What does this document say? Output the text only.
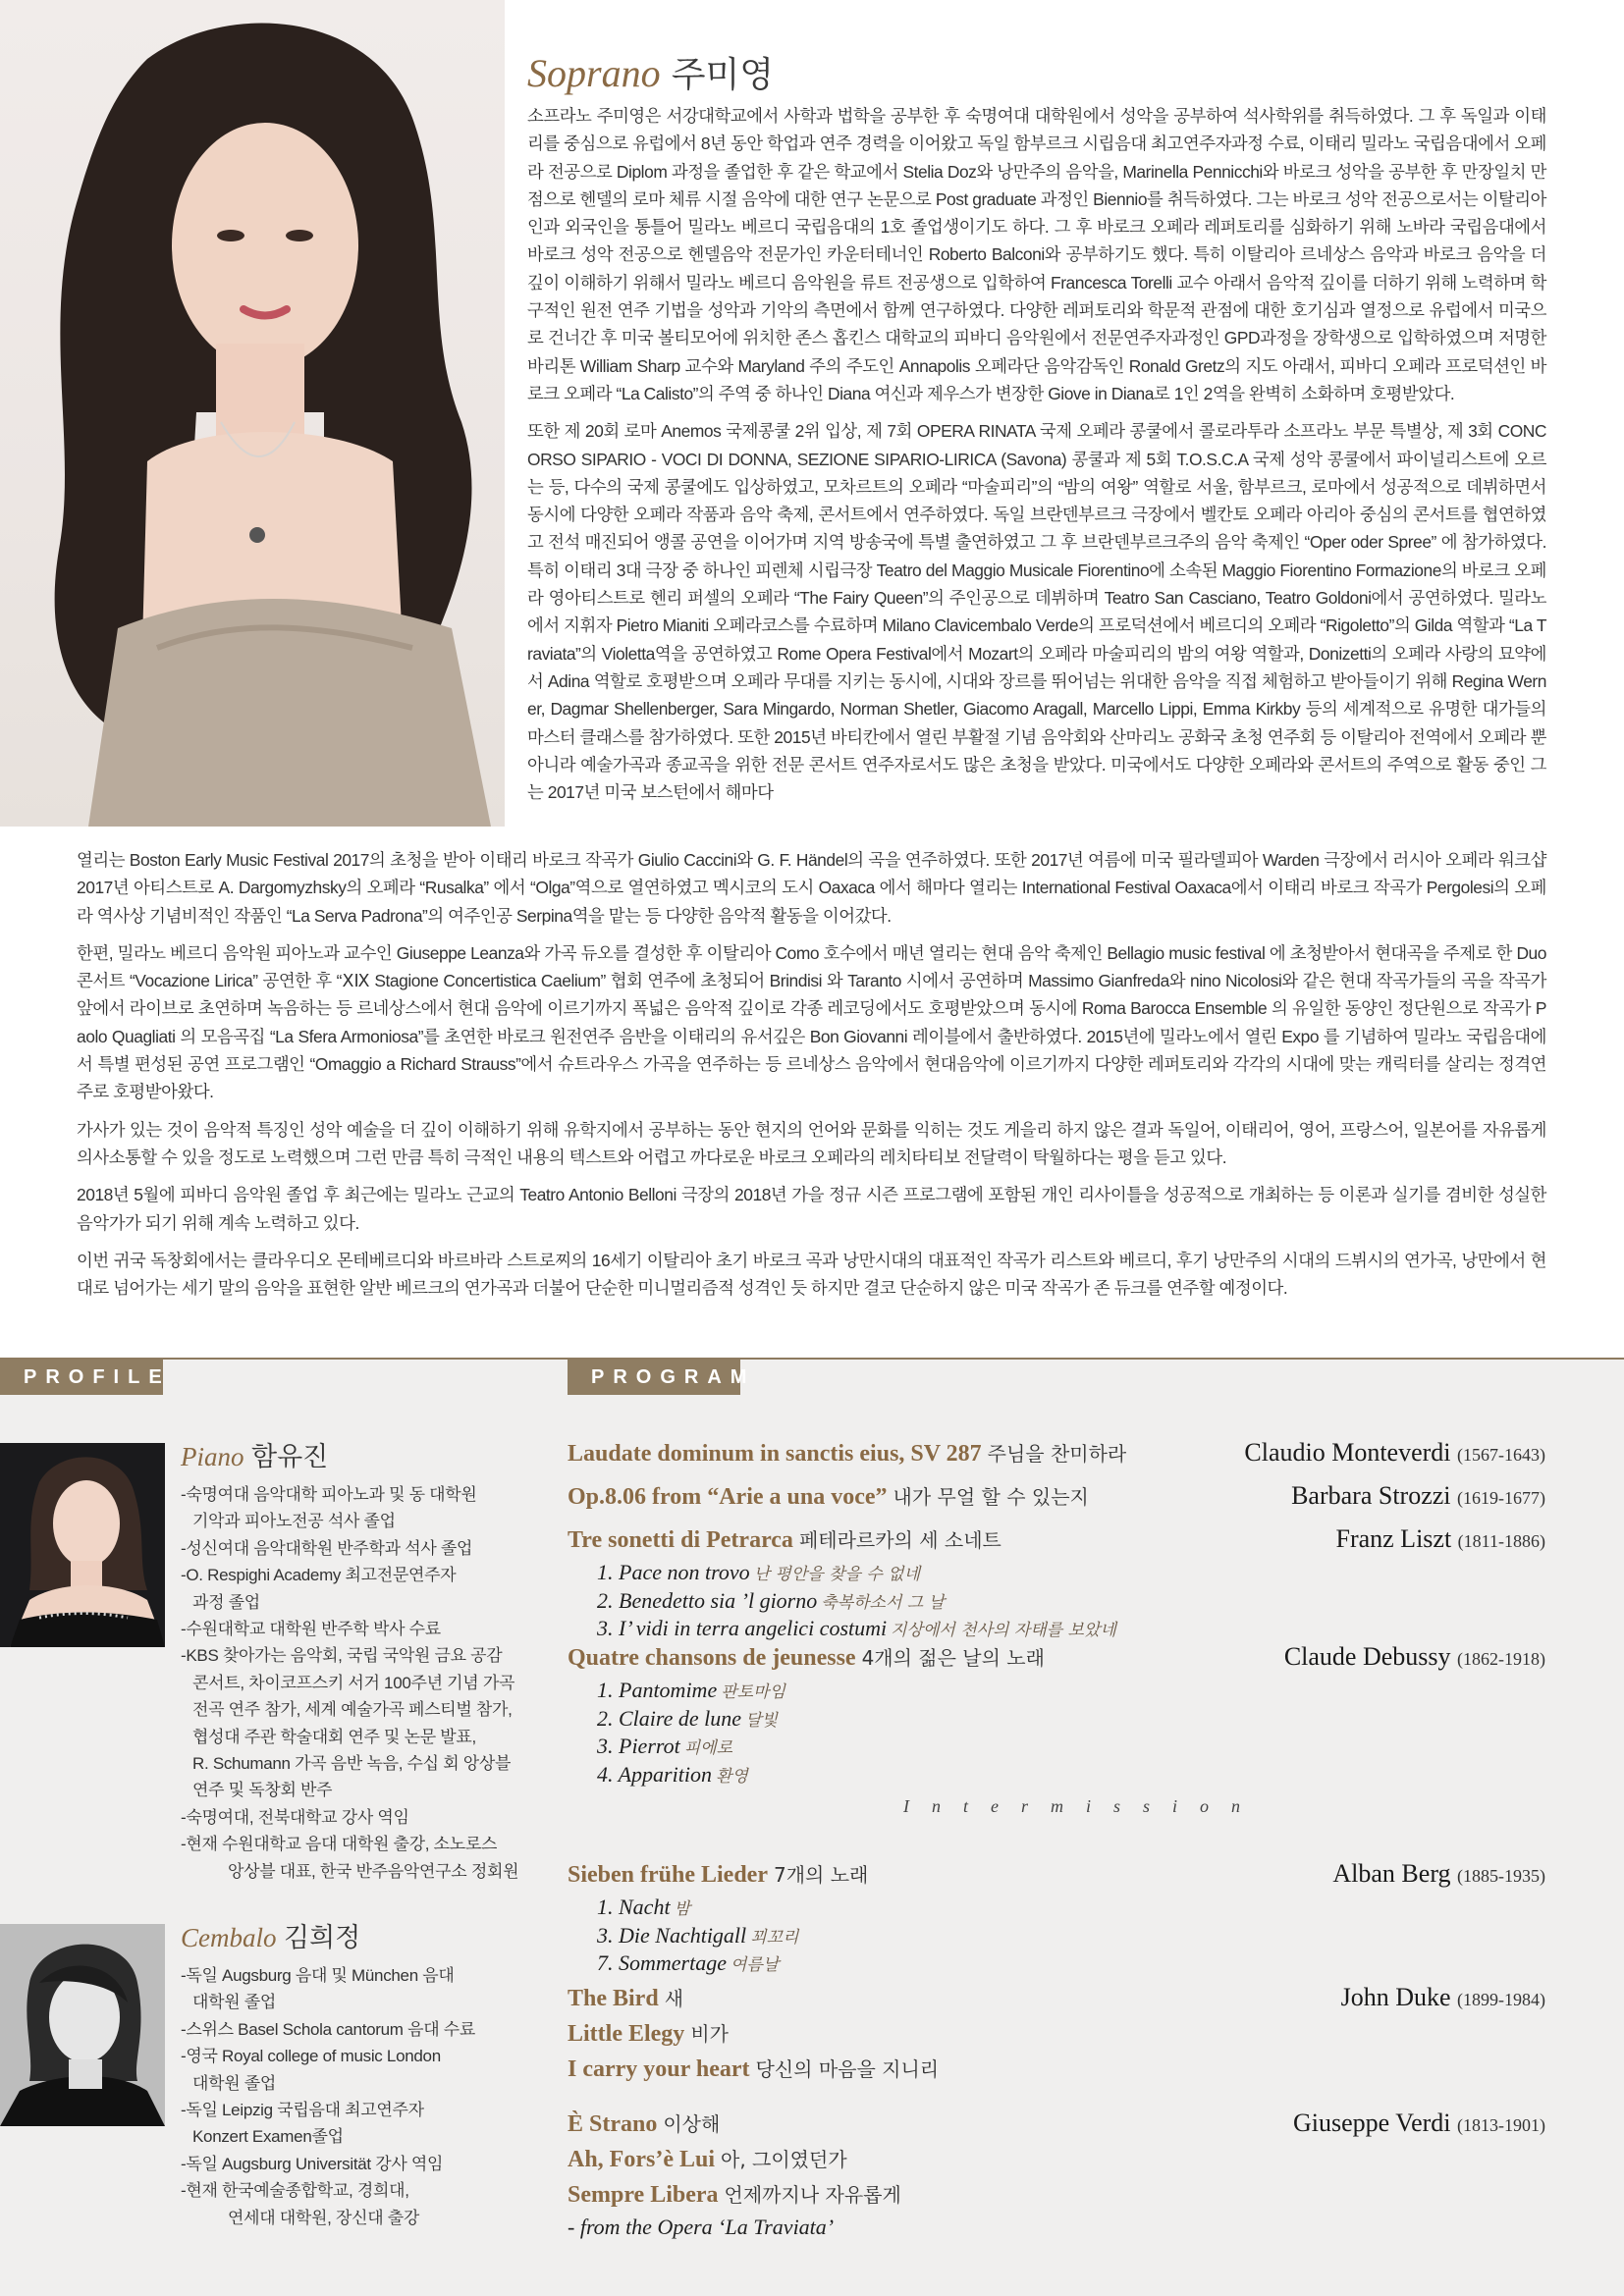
PROFILE	PROGRAM
Soprano 주미영

소프라노 주미영은 서강대학교에서 사학과 법학을 공부한 후 숙명여대 대학원에서 성악을 공부하여 석사학위를 취득하였다. 그 후 독일과 이태리를 중심으로 유럽에서 8년 동안 학업과 연주 경력을 이어왔고 독일 함부르크 시립음대 최고연주자과정 수료, 이태리 밀라노 국립음대에서 오페라 전공으로 Diplom 과정을 졸업한 후 같은 학교에서 Stelia Doz와 낭만주의 음악을, Marinella Pennicchi와 바로크 성악을 공부한 후 만장일치 만점으로 헨델의 로마 체류 시절 음악에 대한 연구 논문으로 Post graduate 과정인 Biennio를 취득하였다. 그는 바로크 성악 전공으로서는 이탈리아인과 외국인을 통틀어 밀라노 베르디 국립음대의 1호 졸업생이기도 하다. 그 후 바로크 오페라 레퍼토리를 심화하기 위해 노바라 국립음대에서 바로크 성악 전공으로 헨델음악 전문가인 카운터테너인 Roberto Balconi와 공부하기도 했다. 특히 이탈리아 르네상스 음악과 바로크 음악을 더 깊이 이해하기 위해서 밀라노 베르디 음악원을 류트 전공생으로 입학하여 Francesca Torelli 교수 아래서 음악적 깊이를 더하기 위해 노력하며 학구적인 원전 연주 기법을 성악과 기악의 측면에서 함께 연구하였다. 다양한 레퍼토리와 학문적 관점에 대한 호기심과 열정으로 유럽에서 미국으로 건너간 후 미국 볼티모어에 위치한 존스 홉킨스 대학교의 피바디 음악원에서 전문연주자과정인 GPD과정을 장학생으로 입학하였으며 저명한 바리톤 William Sharp 교수와 Maryland 주의 주도인 Annapolis 오페라단 음악감독인 Ronald Gretz의 지도 아래서, 피바디 오페라 프로덕션인 바로크 오페라 “La Calisto”의 주역 중 하나인 Diana 여신과 제우스가 변장한 Giove in Diana로 1인 2역을 완벽히 소화하며 호평받았다.

또한 제 20회 로마 Anemos 국제콩쿨 2위 입상, 제 7회 OPERA RINATA 국제 오페라 콩쿨에서 콜로라투라 소프라노 부문 특별상, 제 3회 CONCORSO SIPARIO - VOCI DI DONNA, SEZIONE SIPARIO-LIRICA (Savona) 콩쿨과 제 5회 T.O.S.C.A 국제 성악 콩쿨에서 파이널리스트에 오르는 등, 다수의 국제 콩쿨에도 입상하였고, 모차르트의 오페라 “마술피리”의 “밤의 여왕” 역할로 서울, 함부르크, 로마에서 성공적으로 데뷔하면서 동시에 다양한 오페라 작품과 음악 축제, 콘서트에서 연주하였다. 독일 브란덴부르크 극장에서 벨칸토 오페라 아리아 중심의 콘서트를 협연하였고 전석 매진되어 앵콜 공연을 이어가며 지역 방송국에 특별 출연하였고 그 후 브란덴부르크주의 음악 축제인 “Oper oder Spree” 에 참가하였다. 특히 이태리 3대 극장 중 하나인 피렌체 시립극장 Teatro del Maggio Musicale Fiorentino에 소속된 Maggio Fiorentino Formazione의 바로크 오페라 영아티스트로 헨리 퍼셀의 오페라 “The Fairy Queen”의 주인공으로 데뷔하며 Teatro San Casciano, Teatro Goldoni에서 공연하였다. 밀라노에서 지휘자 Pietro Mianiti 오페라코스를 수료하며 Milano Clavicembalo Verde의 프로덕션에서 베르디의 오페라 “Rigoletto”의 Gilda 역할과 “La Traviata”의 Violetta역을 공연하였고 Rome Opera Festival에서 Mozart의 오페라 마술피리의 밤의 여왕 역할과, Donizetti의 오페라 사랑의 묘약에서 Adina 역할로 호평받으며 오페라 무대를 지키는 동시에, 시대와 장르를 뛰어넘는 위대한 음악을 직접 체험하고 받아들이기 위해 Regina Werner, Dagmar Shellenberger, Sara Mingardo, Norman Shetler, Giacomo Aragall, Marcello Lippi, Emma Kirkby 등의 세계적으로 유명한 대가들의 마스터 클래스를 참가하였다. 또한 2015년 바티칸에서 열린 부활절 기념 음악회와 산마리노 공화국 초청 연주회 등 이탈리아 전역에서 오페라 뿐 아니라 예술가곡과 종교곡을 위한 전문 콘서트 연주자로서도 많은 초청을 받았다. 미국에서도 다양한 오페라와 콘서트의 주역으로 활동 중인 그는 2017년 미국 보스턴에서 해마다

열리는 Boston Early Music Festival 2017의 초청을 받아 이태리 바로크 작곡가 Giulio Caccini와 G. F. Händel의 곡을 연주하였다. 또한 2017년 여름에 미국 필라델피아 Warden 극장에서 러시아 오페라 워크샵 2017년 아티스트로 A. Dargomyzhsky의 오페라 “Rusalka” 에서 “Olga”역으로 열연하였고 멕시코의 도시 Oaxaca 에서 해마다 열리는 International Festival Oaxaca에서 이태리 바로크 작곡가 Pergolesi의 오페라 역사상 기념비적인 작품인 “La Serva Padrona”의 여주인공 Serpina역을 맡는 등 다양한 음악적 활동을 이어갔다.

한편, 밀라노 베르디 음악원 피아노과 교수인 Giuseppe Leanza와 가곡 듀오를 결성한 후 이탈리아 Como 호수에서 매년 열리는 현대 음악 축제인 Bellagio music festival 에 초청받아서 현대곡을 주제로 한 Duo 콘서트 “Vocazione Lirica” 공연한 후 “ⅩⅨ Stagione Concertistica Caelium” 협회 연주에 초청되어 Brindisi 와 Taranto 시에서 공연하며 Massimo Gianfreda와 nino Nicolosi와 같은 현대 작곡가들의 곡을 작곡가 앞에서 라이브로 초연하며 녹음하는 등 르네상스에서 현대 음악에 이르기까지 폭넓은 음악적 깊이로 각종 레코딩에서도 호평받았으며 동시에 Roma Barocca Ensemble 의 유일한 동양인 정단원으로 작곡가 Paolo Quagliati 의 모음곡집 “La Sfera Armoniosa”를 초연한 바로크 원전연주 음반을 이태리의 유서깊은 Bon Giovanni 레이블에서 출반하였다. 2015년에 밀라노에서 열린 Expo 를 기념하여 밀라노 국립음대에서 특별 편성된 공연 프로그램인 “Omaggio a Richard Strauss”에서 슈트라우스 가곡을 연주하는 등 르네상스 음악에서 현대음악에 이르기까지 다양한 레퍼토리와 각각의 시대에 맞는 캐릭터를 살리는 정격연주로 호평받아왔다.

가사가 있는 것이 음악적 특징인 성악 예술을 더 깊이 이해하기 위해 유학지에서 공부하는 동안 현지의 언어와 문화를 익히는 것도 게을리 하지 않은 결과 독일어, 이태리어, 영어, 프랑스어, 일본어를 자유롭게 의사소통할 수 있을 정도로 노력했으며 그런 만큼 특히 극적인 내용의 텍스트와 어렵고 까다로운 바로크 오페라의 레치타티보 전달력이 탁월하다는 평을 듣고 있다.

2018년 5월에 피바디 음악원 졸업 후 최근에는 밀라노 근교의 Teatro Antonio Belloni 극장의 2018년 가을 정규 시즌 프로그램에 포함된 개인 리사이틀을 성공적으로 개최하는 등 이론과 실기를 겸비한 성실한 음악가가 되기 위해 계속 노력하고 있다.

이번 귀국 독창회에서는 클라우디오 몬테베르디와 바르바라 스트로찌의 16세기 이탈리아 초기 바로크 곡과 낭만시대의 대표적인 작곡가 리스트와 베르디, 후기 낭만주의 시대의 드뷔시의 연가곡, 낭만에서 현대로 넘어가는 세기 말의 음악을 표현한 알반 베르크의 연가곡과 더불어 단순한 미니멀리즘적 성격인 듯 하지만 결코 단순하지 않은 미국 작곡가 존 듀크를 연주할 예정이다.

Piano 함유진
-숙명여대 음악대학 피아노과 및 동 대학원
기악과 피아노전공 석사 졸업
-성신여대 음악대학원 반주학과 석사 졸업
-O. Respighi Academy 최고전문연주자
과정 졸업
-수원대학교 대학원 반주학 박사 수료
-KBS 찾아가는 음악회, 국립 국악원 금요 공감
콘서트, 차이코프스키 서거 100주년 기념 가곡
전곡 연주 참가, 세계 예술가곡 페스티벌 참가,
협성대 주관 학술대회 연주 및 논문 발표,
R. Schumann 가곡 음반 녹음, 수십 회 앙상블
연주 및 독창회 반주
-숙명여대, 전북대학교 강사 역임
-현재 수원대학교 음대 대학원 출강, 소노로스
앙상블 대표, 한국 반주음악연구소 정회원
Cembalo 김희정
-독일 Augsburg 음대 및 München 음대
대학원 졸업
-스위스 Basel Schola cantorum 음대 수료
-영국 Royal college of music London
대학원 졸업
-독일 Leipzig 국립음대 최고연주자
Konzert Examen졸업
-독일 Augsburg Universität 강사 역임
-현재 한국예술종합학교, 경희대,
연세대 대학원, 장신대 출강
Laudate dominum in sanctis eius, SV 287 주님을 찬미하라	Claudio Monteverdi (1567-1643)
Op.8.06 from “Arie a una voce” 내가 무얼 할 수 있는지	Barbara Strozzi (1619-1677)
Tre sonetti di Petrarca 페테라르카의 세 소네트	Franz Liszt (1811-1886)
1. Pace non trovo 난 평안을 찾을 수 없네
2. Benedetto sia ’l giorno 축복하소서 그 날
3. I’ vidi in terra angelici costumi 지상에서 천사의 자태를 보았네
Quatre chansons de jeunesse 4개의 젊은 날의 노래	Claude Debussy (1862-1918)
1. Pantomime 판토마임
2. Claire de lune 달빛
3. Pierrot 피에로
4. Apparition 환영
Intermission
Sieben frühe Lieder 7개의 노래	Alban Berg (1885-1935)
1. Nacht 밤
3. Die Nachtigall 꾀꼬리
7. Sommertage 여름날
The Bird 새	John Duke (1899-1984)
Little Elegy 비가
I carry your heart 당신의 마음을 지니리
È Strano 이상해	Giuseppe Verdi (1813-1901)
Ah, Fors’è Lui 아, 그이였던가
Sempre Libera 언제까지나 자유롭게
- from the Opera ‘La Traviata’
